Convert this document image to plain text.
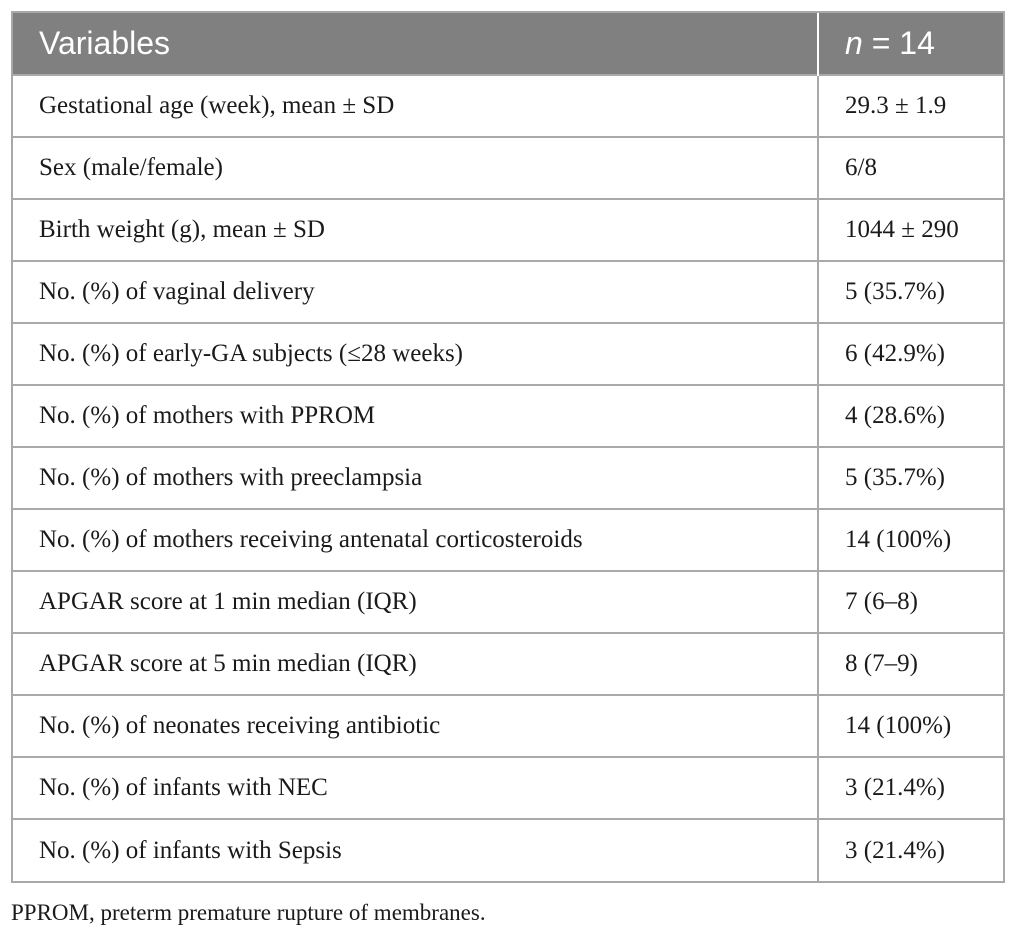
Variables	n = 14
Gestational age (week), mean ± SD	29.3 ± 1.9
Sex (male/female)	6/8
Birth weight (g), mean ± SD	1044 ± 290
No. (%) of vaginal delivery	5 (35.7%)
No. (%) of early-GA subjects (≤28 weeks)	6 (42.9%)
No. (%) of mothers with PPROM	4 (28.6%)
No. (%) of mothers with preeclampsia	5 (35.7%)
No. (%) of mothers receiving antenatal corticosteroids	14 (100%)
APGAR score at 1 min median (IQR)	7 (6–8)
APGAR score at 5 min median (IQR)	8 (7–9)
No. (%) of neonates receiving antibiotic	14 (100%)
No. (%) of infants with NEC	3 (21.4%)
No. (%) of infants with Sepsis	3 (21.4%)
PPROM, preterm premature rupture of membranes.
